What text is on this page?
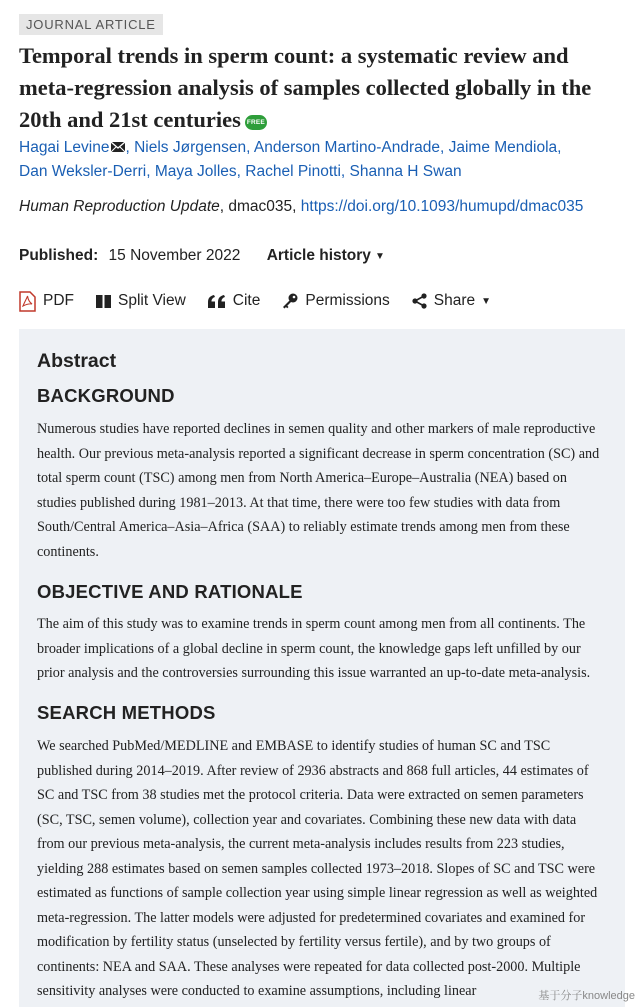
JOURNAL ARTICLE
Temporal trends in sperm count: a systematic review and meta-regression analysis of samples collected globally in the 20th and 21st centuries FREE
Hagai Levine , Niels Jørgensen, Anderson Martino-Andrade, Jaime Mendiola,
Dan Weksler-Derri, Maya Jolles, Rachel Pinotti, Shanna H Swan
Human Reproduction Update, dmac035, https://doi.org/10.1093/humupd/dmac035
Published: 15 November 2022 Article history ▼
PDF	Split View	Cite	Permissions	Share ▼
Abstract
BACKGROUND
Numerous studies have reported declines in semen quality and other markers of male reproductive health. Our previous meta-analysis reported a significant decrease in sperm concentration (SC) and total sperm count (TSC) among men from North America–Europe–Australia (NEA) based on studies published during 1981–2013. At that time, there were too few studies with data from South/Central America–Asia–Africa (SAA) to reliably estimate trends among men from these continents.
OBJECTIVE AND RATIONALE
The aim of this study was to examine trends in sperm count among men from all continents. The broader implications of a global decline in sperm count, the knowledge gaps left unfilled by our prior analysis and the controversies surrounding this issue warranted an up-to-date meta-analysis.
SEARCH METHODS
We searched PubMed/MEDLINE and EMBASE to identify studies of human SC and TSC published during 2014–2019. After review of 2936 abstracts and 868 full articles, 44 estimates of SC and TSC from 38 studies met the protocol criteria. Data were extracted on semen parameters (SC, TSC, semen volume), collection year and covariates. Combining these new data with data from our previous meta-analysis, the current meta-analysis includes results from 223 studies, yielding 288 estimates based on semen samples collected 1973–2018. Slopes of SC and TSC were estimated as functions of sample collection year using simple linear regression as well as weighted meta-regression. The latter models were adjusted for predetermined covariates and examined for modification by fertility status (unselected by fertility versus fertile), and by two groups of continents: NEA and SAA. These analyses were repeated for data collected post-2000. Multiple sensitivity analyses were conducted to examine assumptions, including linear	基于分子knowledge
